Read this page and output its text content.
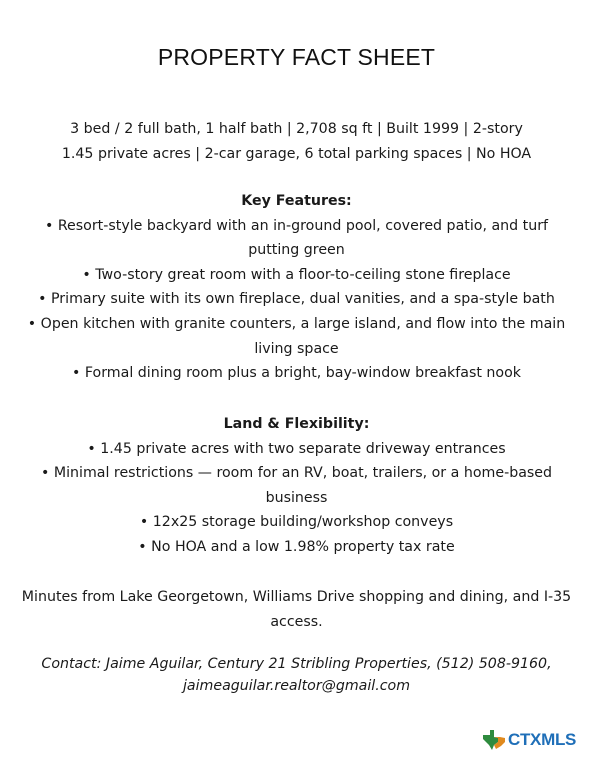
PROPERTY FACT SHEET
3 bed / 2 full bath, 1 half bath | 2,708 sq ft | Built 1999 | 2-story
1.45 private acres | 2-car garage, 6 total parking spaces | No HOA
Key Features:
• Resort-style backyard with an in-ground pool, covered patio, and turf putting green
• Two-story great room with a floor-to-ceiling stone fireplace
• Primary suite with its own fireplace, dual vanities, and a spa-style bath
• Open kitchen with granite counters, a large island, and flow into the main living space
• Formal dining room plus a bright, bay-window breakfast nook
Land & Flexibility:
• 1.45 private acres with two separate driveway entrances
• Minimal restrictions — room for an RV, boat, trailers, or a home-based business
• 12x25 storage building/workshop conveys
• No HOA and a low 1.98% property tax rate
Minutes from Lake Georgetown, Williams Drive shopping and dining, and I-35 access.
Contact: Jaime Aguilar, Century 21 Stribling Properties, (512) 508-9160,
jaimeaguilar.realtor@gmail.com
CTXMLS
